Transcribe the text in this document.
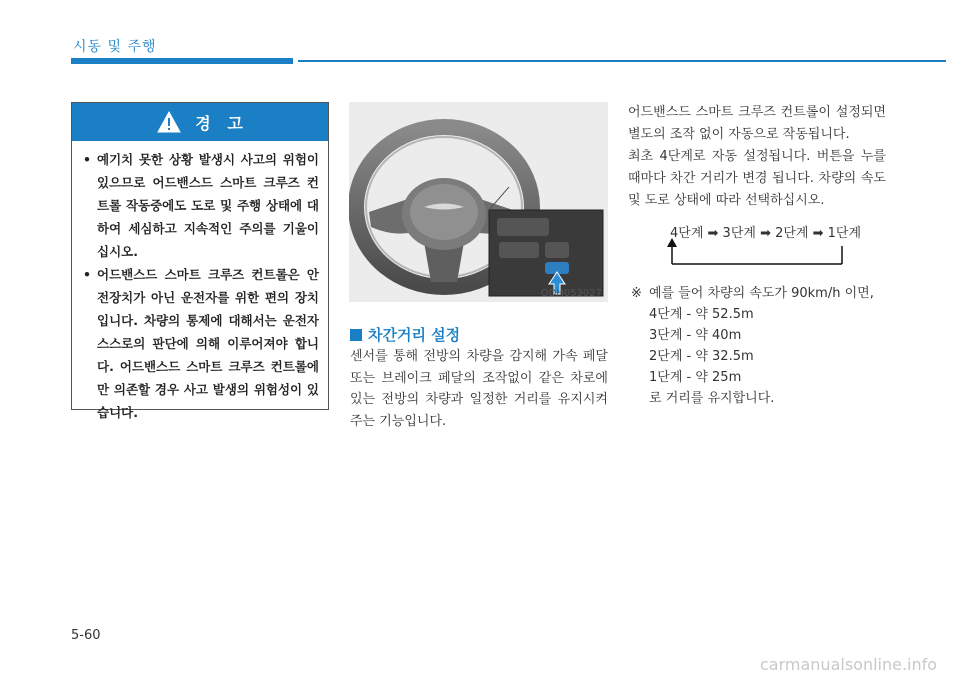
시동 및 주행
경   고
• 예기치 못한 상황 발생시 사고의 위험이 있으므로 어드밴스드 스마트 크루즈 컨트롤 작동중에도 도로 및 주행 상태에 대하여 세심하고 지속적인 주의를 기울이십시오.
• 어드밴스드 스마트 크루즈 컨트롤은 안전장치가 아닌 운전자를 위한 편의 장치입니다. 차량의 통제에 대해서는 운전자 스스로의 판단에 의해 이루어져야 합니다. 어드밴스드 스마트 크루즈 컨트롤에 만 의존할 경우 사고 발생의 위험성이 있습니다.
ODH053027
차간거리 설정

센서를 통해 전방의 차량을 감지해 가속 페달 또는 브레이크 페달의 조작없이 같은 차로에 있는 전방의 차량과 일정한 거리를 유지시켜 주는 기능입니다.

어드밴스드 스마트 크루즈 컨트롤이 설정되면 별도의 조작 없이 자동으로 작동됩니다.

최초 4단계로 자동 설정됩니다. 버튼을 누를 때마다 차간 거리가 변경 됩니다. 차량의 속도 및 도로 상태에 따라 선택하십시오.

4단계 ➡ 3단계 ➡ 2단계 ➡ 1단계
※ 예를 들어 차량의 속도가 90km/h 이면,
4단계 - 약 52.5m
3단계 - 약 40m
2단계 - 약 32.5m
1단계 - 약 25m
로 거리를 유지합니다.
5-60
carmanualsonline.info
